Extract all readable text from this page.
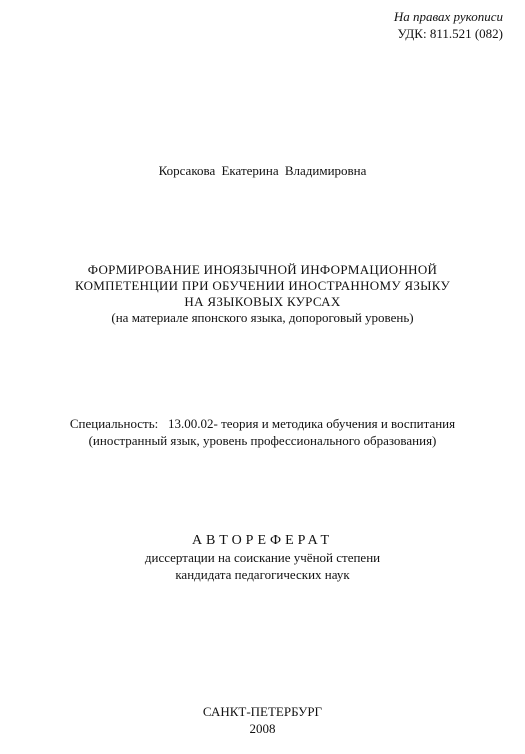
На правах рукописи
УДК: 811.521 (082)
Корсакова Екатерина Владимировна
ФОРМИРОВАНИЕ ИНОЯЗЫЧНОЙ ИНФОРМАЦИОННОЙ
КОМПЕТЕНЦИИ ПРИ ОБУЧЕНИИ ИНОСТРАННОМУ ЯЗЫКУ
НА ЯЗЫКОВЫХ КУРСАХ
(на материале японского языка, допороговый уровень)
Специальность:   13.00.02- теория и методика обучения и воспитания
(иностранный язык, уровень профессионального образования)
АВТОРЕФЕРАТ
диссертации на соискание учёной степени
кандидата педагогических наук
САНКТ-ПЕТЕРБУРГ
2008
